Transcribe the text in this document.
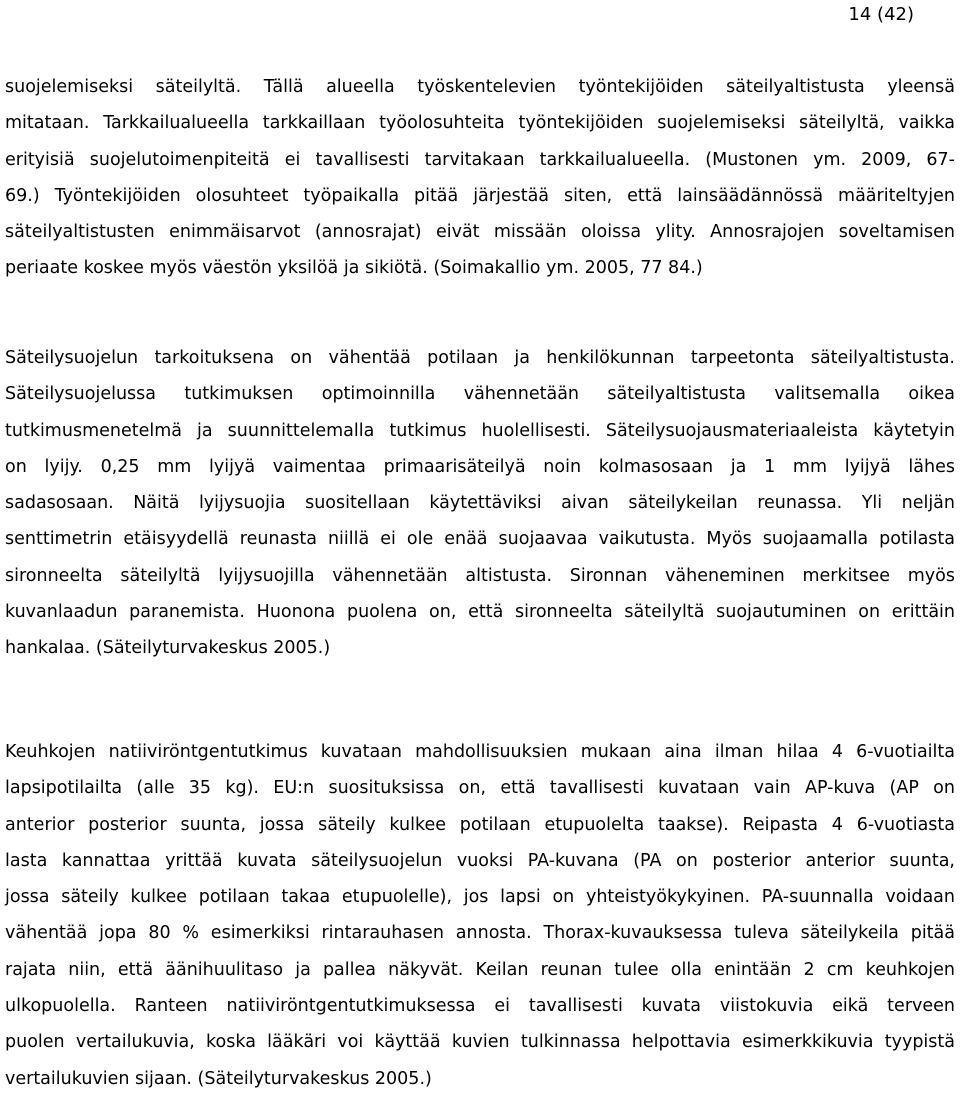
14 (42)
suojelemiseksi säteilyltä. Tällä alueella työskentelevien työntekijöiden säteilyaltistusta yleensä
mitataan. Tarkkailualueella tarkkaillaan työolosuhteita työntekijöiden suojelemiseksi säteilyltä, vaikka
erityisiä suojelutoimenpiteitä ei tavallisesti tarvitakaan tarkkailualueella. (Mustonen ym. 2009, 67-
69.) Työntekijöiden olosuhteet työpaikalla pitää järjestää siten, että lainsäädännössä määriteltyjen
säteilyaltistusten enimmäisarvot (annosrajat) eivät missään oloissa ylity. Annosrajojen soveltamisen
periaate koskee myös väestön yksilöä ja sikiötä. (Soimakallio ym. 2005, 77 84.)
Säteilysuojelun tarkoituksena on vähentää potilaan ja henkilökunnan tarpeetonta säteilyaltistusta.
Säteilysuojelussa tutkimuksen optimoinnilla vähennetään säteilyaltistusta valitsemalla oikea
tutkimusmenetelmä ja suunnittelemalla tutkimus huolellisesti. Säteilysuojausmateriaaleista käytetyin
on lyijy. 0,25 mm lyijyä vaimentaa primaarisäteilyä noin kolmasosaan ja 1 mm lyijyä lähes
sadasosaan. Näitä lyijysuojia suositellaan käytettäviksi aivan säteilykeilan reunassa. Yli neljän
senttimetrin etäisyydellä reunasta niillä ei ole enää suojaavaa vaikutusta. Myös suojaamalla potilasta
sironneelta säteilyltä lyijysuojilla vähennetään altistusta. Sironnan väheneminen merkitsee myös
kuvanlaadun paranemista. Huonona puolena on, että sironneelta säteilyltä suojautuminen on erittäin
hankalaa. (Säteilyturvakeskus 2005.)
Keuhkojen natiiviröntgentutkimus kuvataan mahdollisuuksien mukaan aina ilman hilaa 4 6-vuotiailta
lapsipotilailta (alle 35 kg). EU:n suosituksissa on, että tavallisesti kuvataan vain AP-kuva (AP on
anterior posterior suunta, jossa säteily kulkee potilaan etupuolelta taakse). Reipasta 4 6-vuotiasta
lasta kannattaa yrittää kuvata säteilysuojelun vuoksi PA-kuvana (PA on posterior anterior suunta,
jossa säteily kulkee potilaan takaa etupuolelle), jos lapsi on yhteistyökykyinen. PA-suunnalla voidaan
vähentää jopa 80 % esimerkiksi rintarauhasen annosta. Thorax-kuvauksessa tuleva säteilykeila pitää
rajata niin, että äänihuulitaso ja pallea näkyvät. Keilan reunan tulee olla enintään 2 cm keuhkojen
ulkopuolella. Ranteen natiiviröntgentutkimuksessa ei tavallisesti kuvata viistokuvia eikä terveen
puolen vertailukuvia, koska lääkäri voi käyttää kuvien tulkinnassa helpottavia esimerkkikuvia tyypistä
vertailukuvien sijaan. (Säteilyturvakeskus 2005.)
